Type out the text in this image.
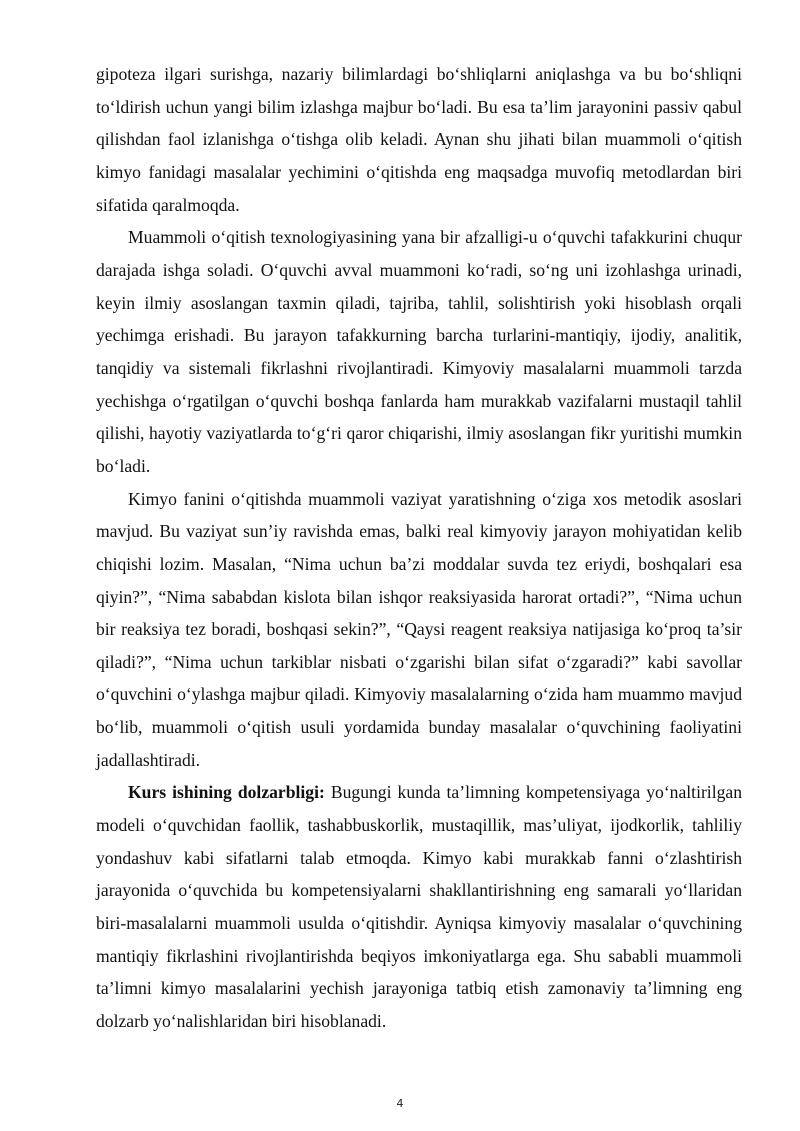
gipoteza ilgari surishga, nazariy bilimlardagi bo‘shliqlarni aniqlashga va bu bo‘shliqni to‘ldirish uchun yangi bilim izlashga majbur bo‘ladi. Bu esa ta’lim jarayonini passiv qabul qilishdan faol izlanishga o‘tishga olib keladi. Aynan shu jihati bilan muammoli o‘qitish kimyo fanidagi masalalar yechimini o‘qitishda eng maqsadga muvofiq metodlardan biri sifatida qaralmoqda.

Muammoli o‘qitish texnologiyasining yana bir afzalligi-u o‘quvchi tafakkurini chuqur darajada ishga soladi. O‘quvchi avval muammoni ko‘radi, so‘ng uni izohlashga urinadi, keyin ilmiy asoslangan taxmin qiladi, tajriba, tahlil, solishtirish yoki hisoblash orqali yechimga erishadi. Bu jarayon tafakkurning barcha turlarini-mantiqiy, ijodiy, analitik, tanqidiy va sistemali fikrlashni rivojlantiradi. Kimyoviy masalalarni muammoli tarzda yechishga o‘rgatilgan o‘quvchi boshqa fanlarda ham murakkab vazifalarni mustaqil tahlil qilishi, hayotiy vaziyatlarda to‘g‘ri qaror chiqarishi, ilmiy asoslangan fikr yuritishi mumkin bo‘ladi.

Kimyo fanini o‘qitishda muammoli vaziyat yaratishning o‘ziga xos metodik asoslari mavjud. Bu vaziyat sun’iy ravishda emas, balki real kimyoviy jarayon mohiyatidan kelib chiqishi lozim. Masalan, “Nima uchun ba’zi moddalar suvda tez eriydi, boshqalari esa qiyin?”, “Nima sababdan kislota bilan ishqor reaksiyasida harorat ortadi?”, “Nima uchun bir reaksiya tez boradi, boshqasi sekin?”, “Qaysi reagent reaksiya natijasiga ko‘proq ta’sir qiladi?”, “Nima uchun tarkiblar nisbati o‘zgarishi bilan sifat o‘zgaradi?” kabi savollar o‘quvchini o‘ylashga majbur qiladi. Kimyoviy masalalarning o‘zida ham muammo mavjud bo‘lib, muammoli o‘qitish usuli yordamida bunday masalalar o‘quvchining faoliyatini jadallashtiradi.

Kurs ishining dolzarbligi: Bugungi kunda ta’limning kompetensiyaga yo‘naltirilgan modeli o‘quvchidan faollik, tashabbuskorlik, mustaqillik, mas’uliyat, ijodkorlik, tahliliy yondashuv kabi sifatlarni talab etmoqda. Kimyo kabi murakkab fanni o‘zlashtirish jarayonida o‘quvchida bu kompetensiyalarni shakllantirishning eng samarali yo‘llaridan biri-masalalarni muammoli usulda o‘qitishdir. Ayniqsa kimyoviy masalalar o‘quvchining mantiqiy fikrlashini rivojlantirishda beqiyos imkoniyatlarga ega. Shu sababli muammoli ta’limni kimyo masalalarini yechish jarayoniga tatbiq etish zamonaviy ta’limning eng dolzarb yo‘nalishlaridan biri hisoblanadi.

4
